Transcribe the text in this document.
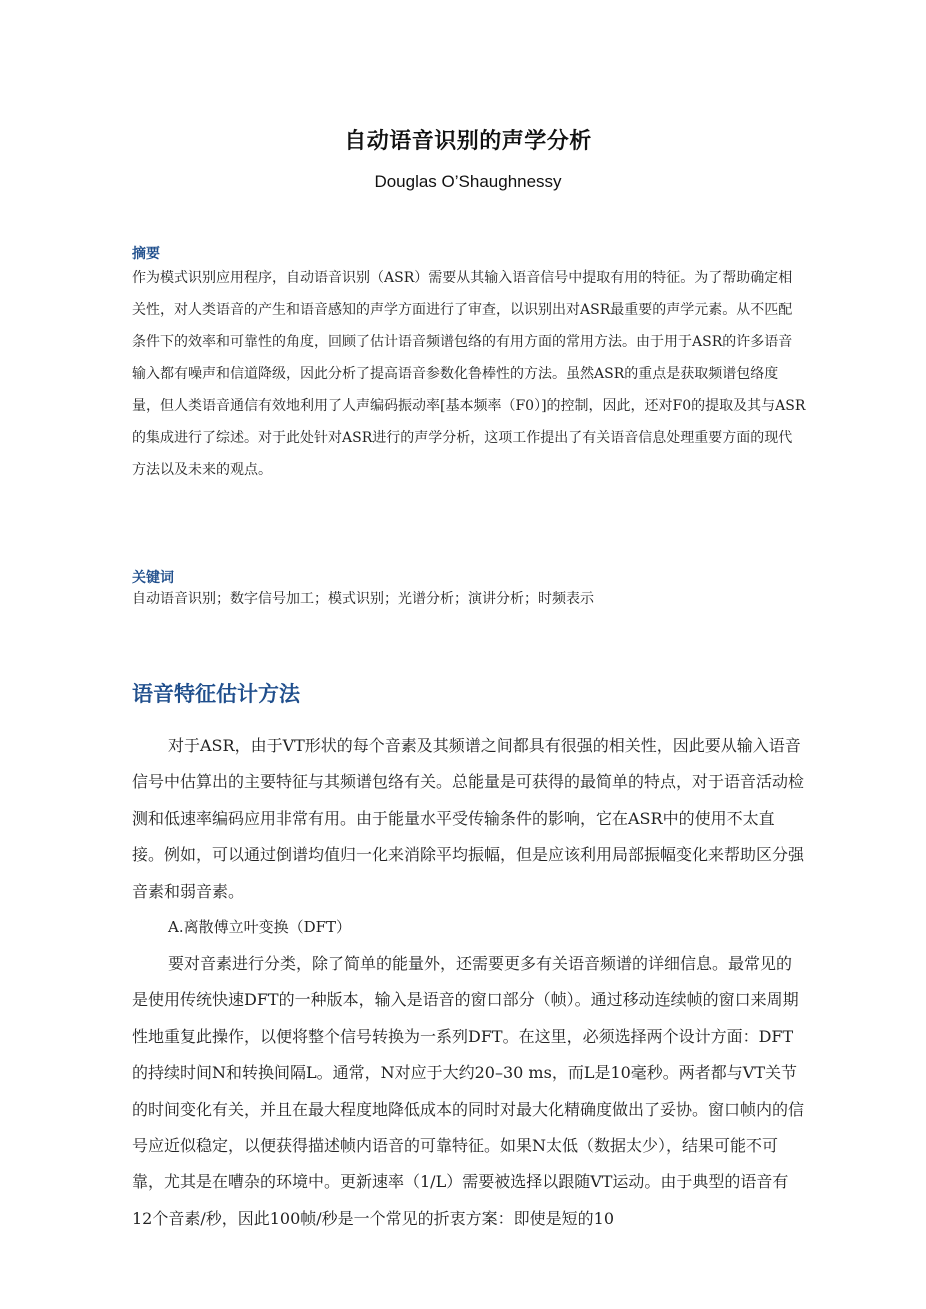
自动语音识别的声学分析
Douglas O’Shaughnessy
摘要

作为模式识别应用程序，自动语音识别（ASR）需要从其输入语音信号中提取有用的特征。为了帮助确定相关性，对人类语音的产生和语音感知的声学方面进行了审查，以识别出对ASR最重要的声学元素。从不匹配条件下的效率和可靠性的角度，回顾了估计语音频谱包络的有用方面的常用方法。由于用于ASR的许多语音输入都有噪声和信道降级，因此分析了提高语音参数化鲁棒性的方法。虽然ASR的重点是获取频谱包络度量，但人类语音通信有效地利用了人声编码振动率[基本频率（F0）]的控制，因此，还对F0的提取及其与ASR的集成进行了综述。对于此处针对ASR进行的声学分析，这项工作提出了有关语音信息处理重要方面的现代方法以及未来的观点。

关键词

自动语音识别；数字信号加工；模式识别；光谱分析；演讲分析；时频表示

语音特征估计方法

对于ASR，由于VT形状的每个音素及其频谱之间都具有很强的相关性，因此要从输入语音信号中估算出的主要特征与其频谱包络有关。总能量是可获得的最简单的特点，对于语音活动检测和低速率编码应用非常有用。由于能量水平受传输条件的影响，它在ASR中的使用不太直接。例如，可以通过倒谱均值归一化来消除平均振幅，但是应该利用局部振幅变化来帮助区分强音素和弱音素。

A.离散傅立叶变换（DFT）

要对音素进行分类，除了简单的能量外，还需要更多有关语音频谱的详细信息。最常见的是使用传统快速DFT的一种版本，输入是语音的窗口部分（帧）。通过移动连续帧的窗口来周期性地重复此操作，以便将整个信号转换为一系列DFT。在这里，必须选择两个设计方面：DFT的持续时间N和转换间隔L。通常，N对应于大约20–30 ms，而L是10毫秒。两者都与VT关节的时间变化有关，并且在最大程度地降低成本的同时对最大化精确度做出了妥协。窗口帧内的信号应近似稳定，以便获得描述帧内语音的可靠特征。如果N太低（数据太少），结果可能不可靠，尤其是在嘈杂的环境中。更新速率（1/L）需要被选择以跟随VT运动。由于典型的语音有12个音素/秒，因此100帧/秒是一个常见的折衷方案：即使是短的10
